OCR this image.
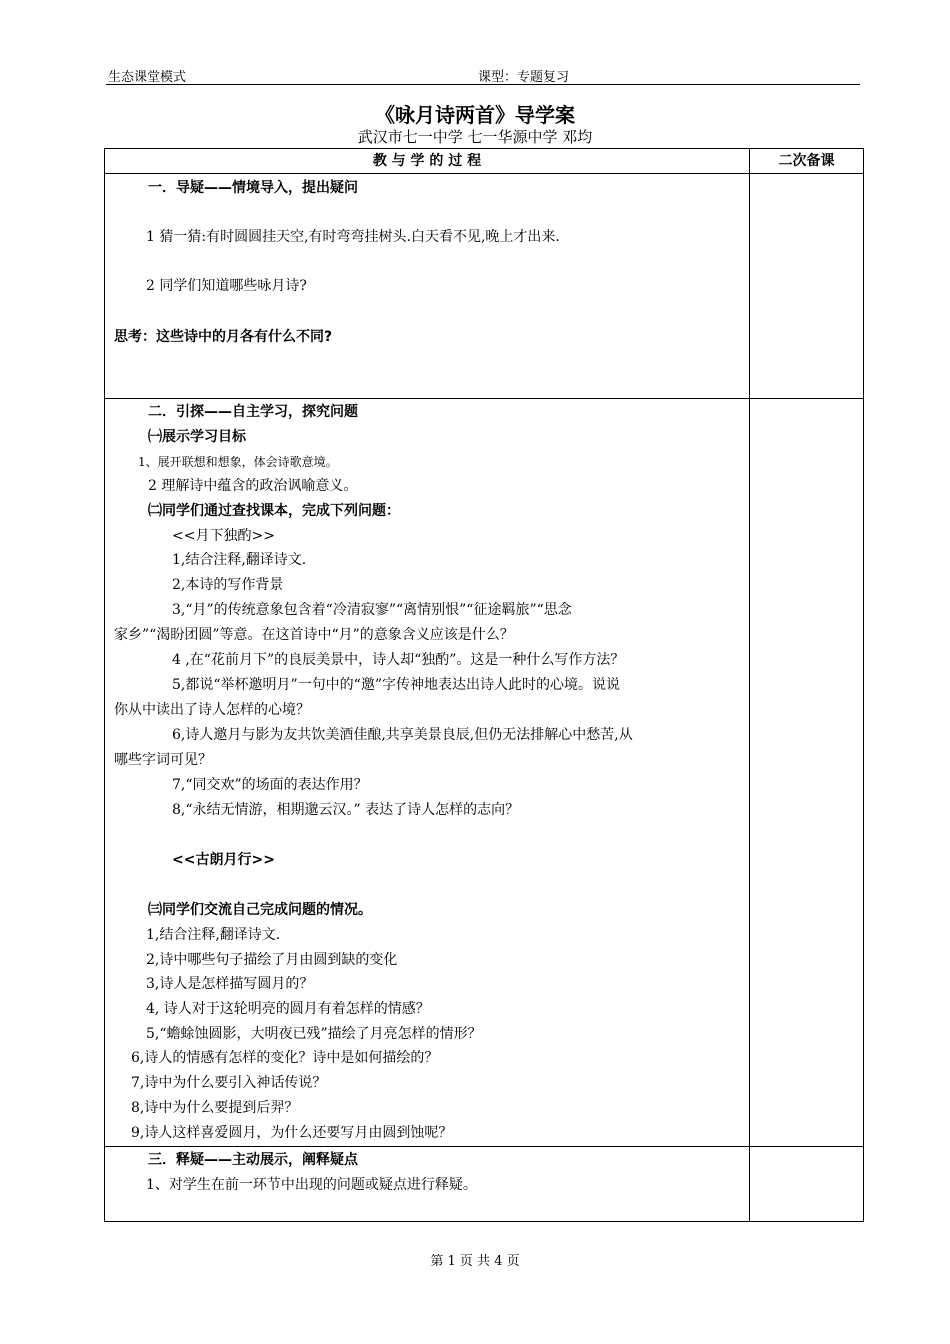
生态课堂模式	课型：专题复习
《咏月诗两首》导学案
武汉市七一中学 七一华源中学 邓均
教 与 学 的 过 程	二次备课
一．导疑——情境导入，提出疑问
1 猜一猜:有时圆圆挂天空,有时弯弯挂树头.白天看不见,晚上才出来.
2 同学们知道哪些咏月诗?
思考：这些诗中的月各有什么不同?
二．引探——自主学习，探究问题
㈠展示学习目标
1、展开联想和想象，体会诗歌意境。
2 理解诗中蕴含的政治讽喻意义。
㈡同学们通过查找课本，完成下列问题：
<<月下独酌>>
1,结合注释,翻译诗文.
2,本诗的写作背景
3,“月”的传统意象包含着“冷清寂寥”“离情别恨”“征途羁旅”“思念
家乡”“渴盼团圆”等意。在这首诗中“月”的意象含义应该是什么？
4 ,在“花前月下”的良辰美景中，诗人却“独酌”。这是一种什么写作方法？
5,都说“举杯邀明月”一句中的“邀”字传神地表达出诗人此时的心境。说说
你从中读出了诗人怎样的心境？
6,诗人邀月与影为友共饮美酒佳酿,共享美景良辰,但仍无法排解心中愁苦,从
哪些字词可见？
7,“同交欢”的场面的表达作用？
8,“永结无情游，相期邈云汉。” 表达了诗人怎样的志向？
<<古朗月行>>
㈢同学们交流自己完成问题的情况。
1,结合注释,翻译诗文.
2,诗中哪些句子描绘了月由圆到缺的变化
3,诗人是怎样描写圆月的？
4, 诗人对于这轮明亮的圆月有着怎样的情感？
5,“蟾蜍蚀圆影，大明夜已残”描绘了月亮怎样的情形？
6,诗人的情感有怎样的变化？诗中是如何描绘的？
7,诗中为什么要引入神话传说？
8,诗中为什么要提到后羿？
9,诗人这样喜爱圆月，为什么还要写月由圆到蚀呢？
三．释疑——主动展示，阐释疑点
1、对学生在前一环节中出现的问题或疑点进行释疑。
第 1 页 共 4 页
